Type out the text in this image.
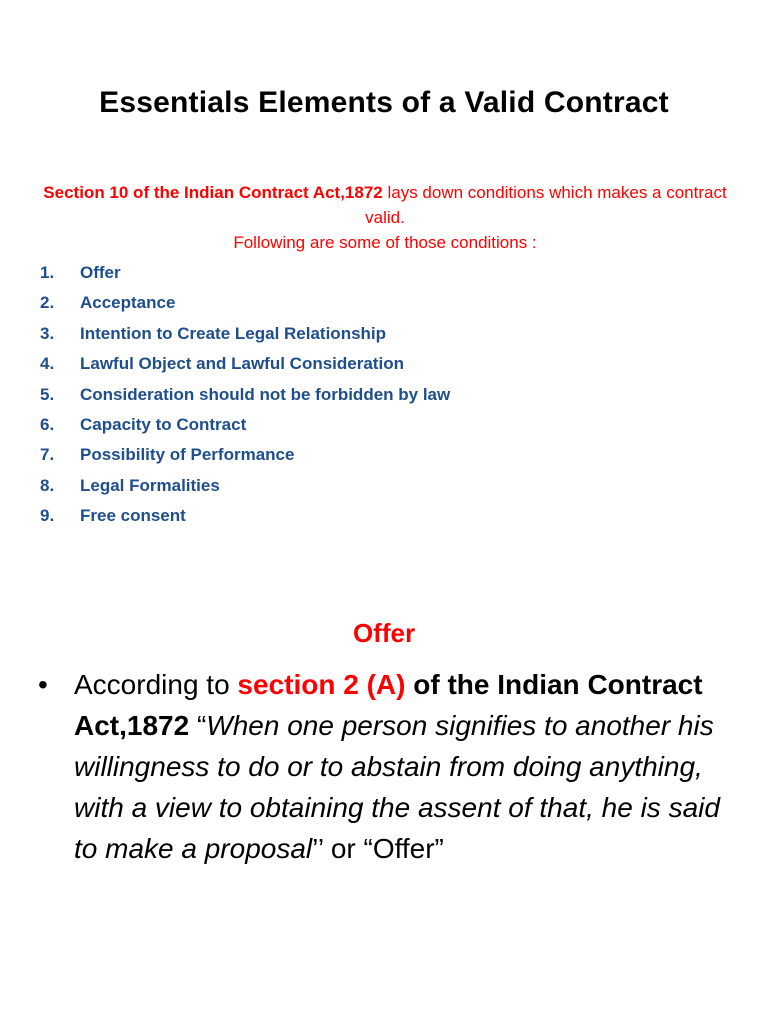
Essentials Elements of a Valid Contract
Section 10 of the Indian Contract Act,1872 lays down conditions which makes a contract valid.
Following are some of those conditions :
1.	Offer
2.	Acceptance
3.	Intention to Create Legal Relationship
4.	Lawful Object and Lawful Consideration
5.	Consideration should not be forbidden by law
6.	Capacity to Contract
7.	Possibility of Performance
8.	Legal Formalities
9.	Free consent
Offer
• According to section 2 (A) of the Indian Contract Act,1872 “When one person signifies to another his willingness to do or to abstain from doing anything, with a view to obtaining the assent of that, he is said to make a proposal’’ or “Offer”
